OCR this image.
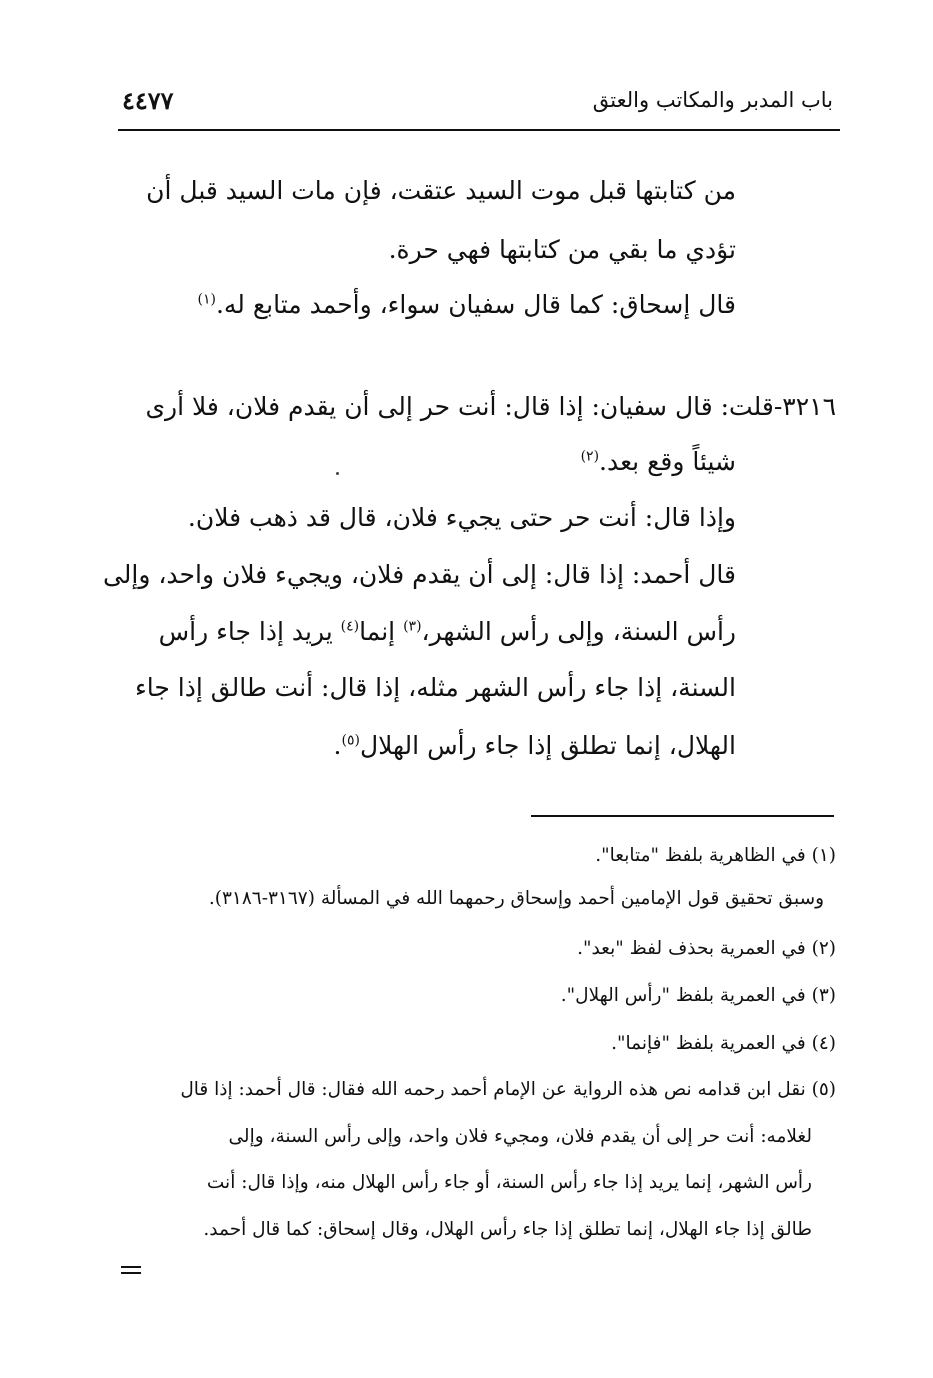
باب المدبر والمكاتب والعتق
٤٤٧٧
من كتابتها قبل موت السيد عتقت، فإن مات السيد قبل أن
تؤدي ما بقي من كتابتها فهي حرة.
قال إسحاق: كما قال سفيان سواء، وأحمد متابع له.$^{(١)}$
٣٢١٦-قلت: قال سفيان: إذا قال: أنت حر إلى أن يقدم فلان، فلا أرى
شيئاً وقع بعد.$^{(٢)}$
وإذا قال: أنت حر حتى يجيء فلان، قال قد ذهب فلان.
قال أحمد: إذا قال: إلى أن يقدم فلان، ويجيء فلان واحد، وإلى
رأس السنة، وإلى رأس الشهر،$^{(٣)}$ إنما$^{(٤)}$ يريد إذا جاء رأس
السنة، إذا جاء رأس الشهر مثله، إذا قال: أنت طالق إذا جاء
الهلال، إنما تطلق إذا جاء رأس الهلال$^{(٥)}$.
(١) في الظاهرية بلفظ "متابعا".
وسبق تحقيق قول الإمامين أحمد وإسحاق رحمهما الله في المسألة (٣١٦٧-٣١٨٦).
(٢) في العمرية بحذف لفظ "بعد".
(٣) في العمرية بلفظ "رأس الهلال".
(٤) في العمرية بلفظ "فإنما".
(٥) نقل ابن قدامه نص هذه الرواية عن الإمام أحمد رحمه الله فقال: قال أحمد: إذا قال
لغلامه: أنت حر إلى أن يقدم فلان، ومجيء فلان واحد، وإلى رأس السنة، وإلى
رأس الشهر، إنما يريد إذا جاء رأس السنة، أو جاء رأس الهلال منه، وإذا قال: أنت
طالق إذا جاء الهلال، إنما تطلق إذا جاء رأس الهلال، وقال إسحاق: كما قال أحمد.
